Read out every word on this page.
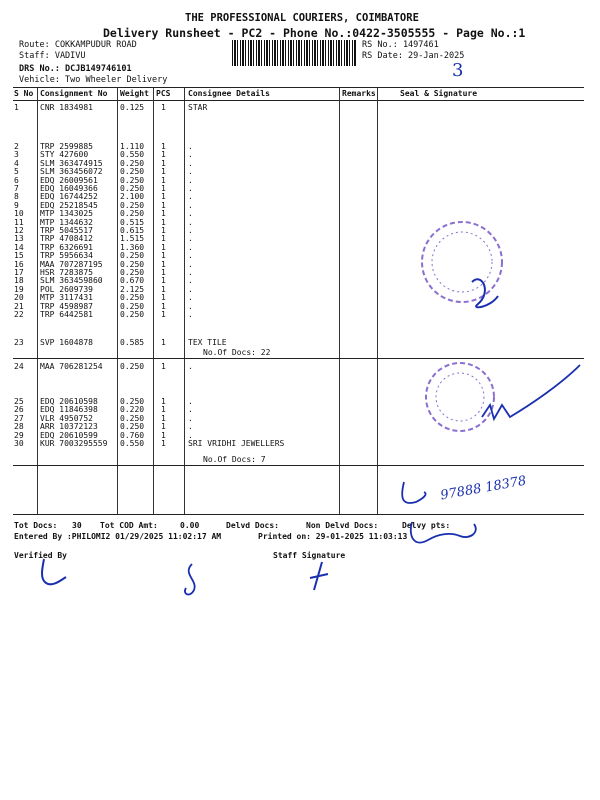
THE PROFESSIONAL COURIERS, COIMBATORE
Delivery Runsheet - PC2 - Phone No.:0422-3505555 - Page No.:1
Route: COKKAMPUDUR ROAD
Staff: VADIVU
DRS No.: DCJB149746101
Vehicle: Two Wheeler Delivery
RS No.: 1497461
RS Date: 29-Jan-2025
3
S No Consignment No Weight PCS Consignee Details	Remarks	Seal & Signature
1	CNR 1834981	0.125 1	STAR
2	TRP 2599885	1.110 1	.
3	STY 427600	0.550 1	.
4	SLM 363474915 0.250 1	.
5	SLM 363456072 0.250 1	.
6	EDQ 26009561	0.250 1	.
7	EDQ 16049366	0.250 1	.
8	EDQ 16744252	2.100 1	.
9	EDQ 25218545	0.250 1	.
10 MTP 1343025	0.250 1	.
11 MTP 1344632	0.515 1	.
12 TRP 5045517	0.615 1	.
13 TRP 4708412	1.515 1	.
14 TRP 6326691	1.360 1	.
15 TRP 5956634	0.250 1	.
16 MAA 707287195 0.250 1	.
17 HSR 7283875	0.250 1	.
18 SLM 363459860 0.670 1	.
19 POL 2609739	2.125 1	.
20 MTP 3117431	0.250 1	.
21 TRP 4598987	0.250 1	.
22 TRP 6442581	0.250 1	.
23 SVP 1604878	0.585 1	TEX TILE
24 MAA 706281254 0.250 1	.
25 EDQ 20610598	0.250 1	.
26 EDQ 11846398	0.220 1	.
27 VLR 4950752	0.250 1	.
28 ARR 10372123	0.250 1	.
29 EDQ 20610599	0.760 1	.
30 KUR 7003295559 0.550 1	SRI VRIDHI JEWELLERS
No.Of Docs: 22
No.Of Docs: 7
Tot Docs: 30 Tot COD Amt:	0.00	Delvd Docs:	Non Delvd Docs:	Delvy pts:
Entered By :PHILOMI2 01/29/2025 11:02:17 AM	Printed on: 29-01-2025 11:03:13
Verified By	Staff Signature
97888 18378
